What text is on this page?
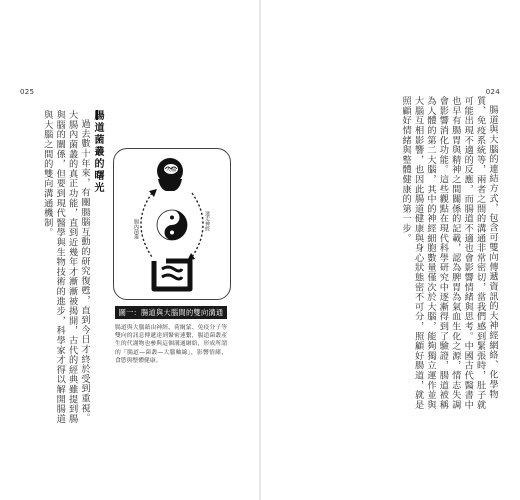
025
腸道菌叢的曙光

過去數十年來，有關腸腦互動的研究復甦，直到今日才終於受到重視。大腸內菌叢的真正功能，直到近幾年才漸漸被揭開，古代的經典雖提到腸與腦的關係，但要到現代醫學與生物技術的進步，科學家才得以解開腸道與大腦之間的雙向溝通機制。	大腦
腸內菌叢	迷走神經
圖一：腸道與大腦間的雙向溝通
腸道與大腦藉由神經、荷爾蒙、免疫分子等雙向的訊息傳遞達到緊密連繫，腸道菌叢產生的代謝物也參與這個溝通網絡，形成所謂的「腸道—菌叢—大腦軸線」，影響情緒、食慾與整體健康。
024

腸道與大腦的連結方式，包含可雙向傳遞資訊的大神經網絡、化學物質、免疫系統等，兩者之間的溝通非常密切，當我們感到緊張時，肚子就可能出現不適的反應，而腸道不適也會影響情緒與思考。中國古代醫書中也早有腸胃與精神之間關係的記載，認為脾胃為氣血生化之源，情志失調會影響消化功能。這些觀點在現代科學研究中逐漸得到了驗證，腸道被稱為人體的第二大腦，其中的神經細胞數量僅次於大腦，能夠獨立運作並與大腦互相影響，也因此腸道健康與身心狀態密不可分，照顧好腸道，就是照顧好情緒與整體健康的第一步。
